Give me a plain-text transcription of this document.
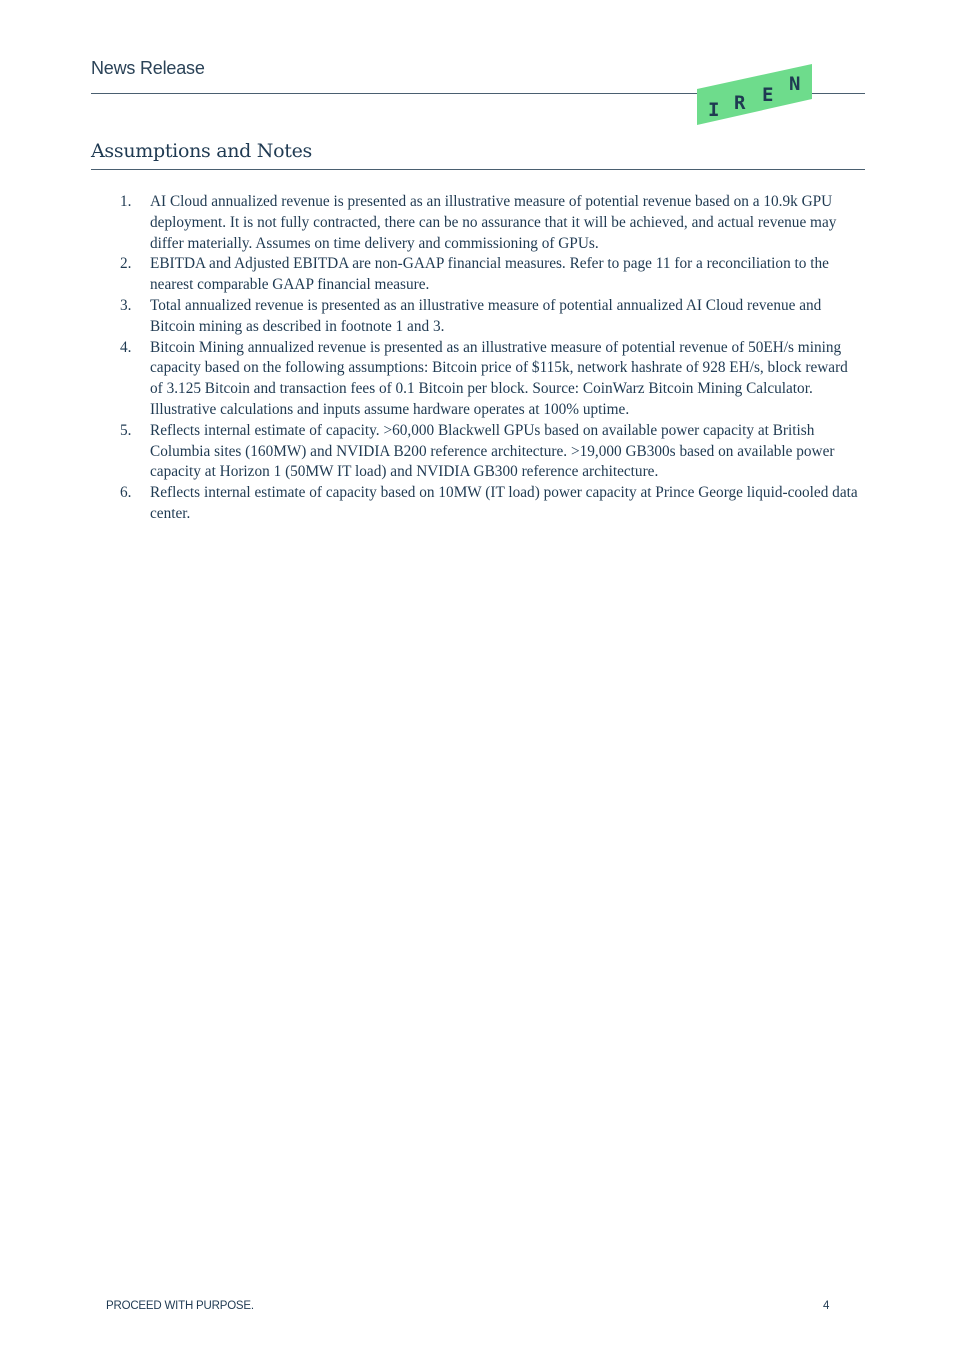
News Release
I R E N
Assumptions and Notes
1. AI Cloud annualized revenue is presented as an illustrative measure of potential revenue based on a 10.9k GPU deployment. It is not fully contracted, there can be no assurance that it will be achieved, and actual revenue may differ materially. Assumes on time delivery and commissioning of GPUs.
2. EBITDA and Adjusted EBITDA are non-GAAP financial measures. Refer to page 11 for a reconciliation to the nearest comparable GAAP financial measure.
3. Total annualized revenue is presented as an illustrative measure of potential annualized AI Cloud revenue and Bitcoin mining as described in footnote 1 and 3.
4. Bitcoin Mining annualized revenue is presented as an illustrative measure of potential revenue of 50EH/s mining capacity based on the following assumptions: Bitcoin price of $115k, network hashrate of 928 EH/s, block reward of 3.125 Bitcoin and transaction fees of 0.1 Bitcoin per block. Source: CoinWarz Bitcoin Mining Calculator. Illustrative calculations and inputs assume hardware operates at 100% uptime.
5. Reflects internal estimate of capacity. >60,000 Blackwell GPUs based on available power capacity at British Columbia sites (160MW) and NVIDIA B200 reference architecture. >19,000 GB300s based on available power capacity at Horizon 1 (50MW IT load) and NVIDIA GB300 reference architecture.
6. Reflects internal estimate of capacity based on 10MW (IT load) power capacity at Prince George liquid-cooled data center.
PROCEED WITH PURPOSE.	4
